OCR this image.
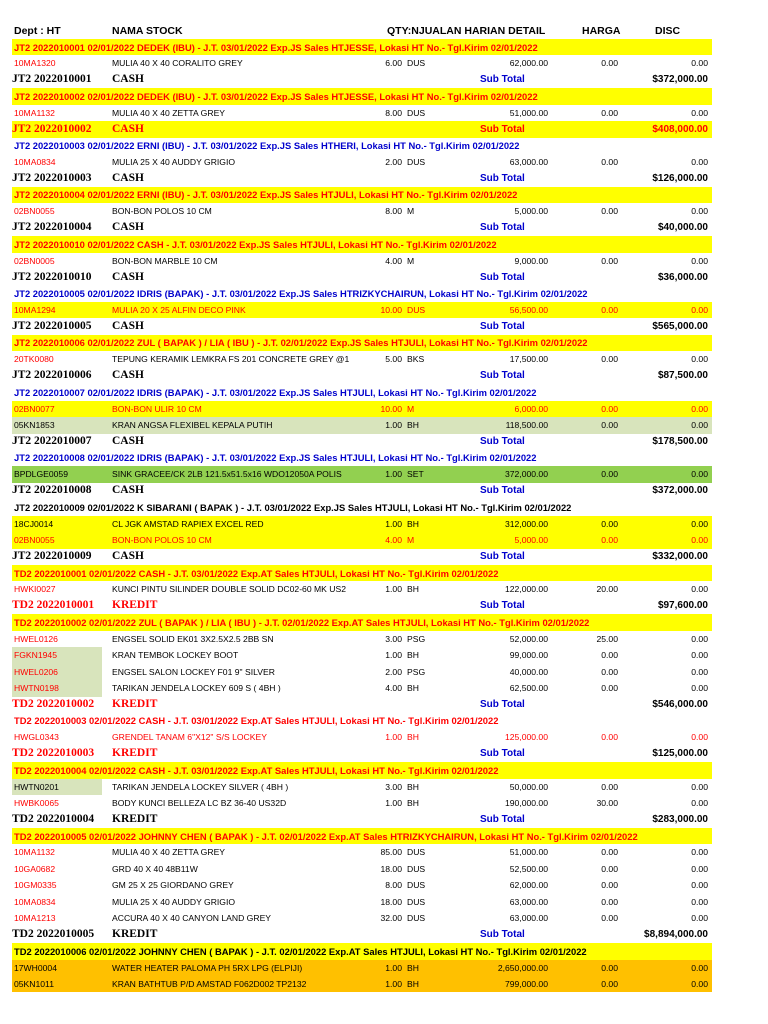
Dept : HT	NAMA STOCK	QTY:NJUALAN HARIAN DETAIL	HARGA	DISC
JT2 2022010001 02/01/2022 DEDEK (IBU) - J.T. 03/01/2022 Exp.JS Sales HTJESSE, Lokasi HT No.- Tgl.Kirim 02/01/2022
10MA1320	MULIA 40 X 40 CORALITO GREY	6.00 DUS	62,000.00	0.00	0.00
JT2 2022010001 CASH	Sub Total	$372,000.00
JT2 2022010002 02/01/2022 DEDEK (IBU) - J.T. 03/01/2022 Exp.JS Sales HTJESSE, Lokasi HT No.- Tgl.Kirim 02/01/2022
10MA1132	MULIA 40 X 40 ZETTA GREY	8.00 DUS	51,000.00	0.00	0.00
JT2 2022010002 CASH	Sub Total	$408,000.00
JT2 2022010003 02/01/2022 ERNI (IBU) - J.T. 03/01/2022 Exp.JS Sales HTHERI, Lokasi HT No.- Tgl.Kirim 02/01/2022
10MA0834	MULIA 25 X 40 AUDDY GRIGIO	2.00 DUS	63,000.00	0.00	0.00
JT2 2022010003 CASH	Sub Total	$126,000.00
JT2 2022010004 02/01/2022 ERNI (IBU) - J.T. 03/01/2022 Exp.JS Sales HTJULI, Lokasi HT No.- Tgl.Kirim 02/01/2022
02BN0055	BON-BON POLOS 10 CM	8.00 M	5,000.00	0.00	0.00
JT2 2022010004 CASH	Sub Total	$40,000.00
JT2 2022010010 02/01/2022 CASH - J.T. 03/01/2022 Exp.JS Sales HTJULI, Lokasi HT No.- Tgl.Kirim 02/01/2022
02BN0005	BON-BON MARBLE 10 CM	4.00 M	9,000.00	0.00	0.00
JT2 2022010010 CASH	Sub Total	$36,000.00
JT2 2022010005 02/01/2022 IDRIS (BAPAK) - J.T. 03/01/2022 Exp.JS Sales HTRIZKYCHAIRUN, Lokasi HT No.- Tgl.Kirim 02/01/2022
10MA1294	MULIA 20 X 25 ALFIN DECO PINK	10.00 DUS	56,500.00	0.00	0.00
JT2 2022010005 CASH	Sub Total	$565,000.00
JT2 2022010006 02/01/2022 ZUL ( BAPAK ) / LIA ( IBU ) - J.T. 02/01/2022 Exp.JS Sales HTJULI, Lokasi HT No.- Tgl.Kirim 02/01/2022
20TK0080	TEPUNG KERAMIK LEMKRA FS 201 CONCRETE GREY @1	5.00 BKS	17,500.00	0.00	0.00
JT2 2022010006 CASH	Sub Total	$87,500.00
JT2 2022010007 02/01/2022 IDRIS (BAPAK) - J.T. 03/01/2022 Exp.JS Sales HTJULI, Lokasi HT No.- Tgl.Kirim 02/01/2022
02BN0077	BON-BON ULIR 10 CM	10.00 M	6,000.00	0.00	0.00
05KN1853	KRAN ANGSA FLEXIBEL KEPALA PUTIH	1.00 BH	118,500.00	0.00	0.00
JT2 2022010007 CASH	Sub Total	$178,500.00
JT2 2022010008 02/01/2022 IDRIS (BAPAK) - J.T. 03/01/2022 Exp.JS Sales HTJULI, Lokasi HT No.- Tgl.Kirim 02/01/2022
BPDLGE0059	SINK GRACEE/CK 2LB 121.5x51.5x16 WDO12050A POLIS	1.00 SET	372,000.00	0.00	0.00
JT2 2022010008 CASH	Sub Total	$372,000.00
JT2 2022010009 02/01/2022 K SIBARANI ( BAPAK ) - J.T. 03/01/2022 Exp.JS Sales HTJULI, Lokasi HT No.- Tgl.Kirim 02/01/2022
18CJ0014	CL JGK AMSTAD RAPIEX EXCEL RED	1.00 BH	312,000.00	0.00	0.00
02BN0055	BON-BON POLOS 10 CM	4.00 M	5,000.00	0.00	0.00
JT2 2022010009 CASH	Sub Total	$332,000.00
TD2 2022010001 02/01/2022 CASH - J.T. 03/01/2022 Exp.AT Sales HTJULI, Lokasi HT No.- Tgl.Kirim 02/01/2022
HWKI0027	KUNCI PINTU SILINDER DOUBLE SOLID DC02-60 MK US2	1.00 BH	122,000.00	20.00	0.00
TD2 2022010001 KREDIT	Sub Total	$97,600.00
TD2 2022010002 02/01/2022 ZUL ( BAPAK ) / LIA ( IBU ) - J.T. 02/01/2022 Exp.AT Sales HTJULI, Lokasi HT No.- Tgl.Kirim 02/01/2022
HWEL0126	ENGSEL SOLID EK01 3X2.5X2.5 2BB SN	3.00 PSG	52,000.00	25.00	0.00
FGKN1945	KRAN TEMBOK LOCKEY BOOT	1.00 BH	99,000.00	0.00	0.00
HWEL0206	ENGSEL SALON LOCKEY F01 9" SILVER	2.00 PSG	40,000.00	0.00	0.00
HWTN0198	TARIKAN JENDELA LOCKEY 609 S ( 4BH )	4.00 BH	62,500.00	0.00	0.00
TD2 2022010002 KREDIT	Sub Total	$546,000.00
TD2 2022010003 02/01/2022 CASH - J.T. 03/01/2022 Exp.AT Sales HTJULI, Lokasi HT No.- Tgl.Kirim 02/01/2022
HWGL0343	GRENDEL TANAM 6"X12" S/S LOCKEY	1.00 BH	125,000.00	0.00	0.00
TD2 2022010003 KREDIT	Sub Total	$125,000.00
TD2 2022010004 02/01/2022 CASH - J.T. 03/01/2022 Exp.AT Sales HTJULI, Lokasi HT No.- Tgl.Kirim 02/01/2022
HWTN0201	TARIKAN JENDELA LOCKEY SILVER ( 4BH )	3.00 BH	50,000.00	0.00	0.00
HWBK0065	BODY KUNCI BELLEZA LC BZ 36-40 US32D	1.00 BH	190,000.00	30.00	0.00
TD2 2022010004 KREDIT	Sub Total	$283,000.00
TD2 2022010005 02/01/2022 JOHNNY CHEN ( BAPAK ) - J.T. 02/01/2022 Exp.AT Sales HTRIZKYCHAIRUN, Lokasi HT No.- Tgl.Kirim 02/01/2022
10MA1132	MULIA 40 X 40 ZETTA GREY	85.00 DUS	51,000.00	0.00	0.00
10GA0682	GRD 40 X 40 48B11W	18.00 DUS	52,500.00	0.00	0.00
10GM0335	GM 25 X 25 GIORDANO GREY	8.00 DUS	62,000.00	0.00	0.00
10MA0834	MULIA 25 X 40 AUDDY GRIGIO	18.00 DUS	63,000.00	0.00	0.00
10MA1213	ACCURA 40 X 40 CANYON LAND GREY	32.00 DUS	63,000.00	0.00	0.00
TD2 2022010005 KREDIT	Sub Total	$8,894,000.00
TD2 2022010006 02/01/2022 JOHNNY CHEN ( BAPAK ) - J.T. 02/01/2022 Exp.AT Sales HTJULI, Lokasi HT No.- Tgl.Kirim 02/01/2022
17WH0004	WATER HEATER PALOMA PH 5RX LPG (ELPIJI)	1.00 BH	2,650,000.00	0.00	0.00
05KN1011	KRAN BATHTUB P/D AMSTAD F062D002 TP2132	1.00 BH	799,000.00	0.00	0.00
